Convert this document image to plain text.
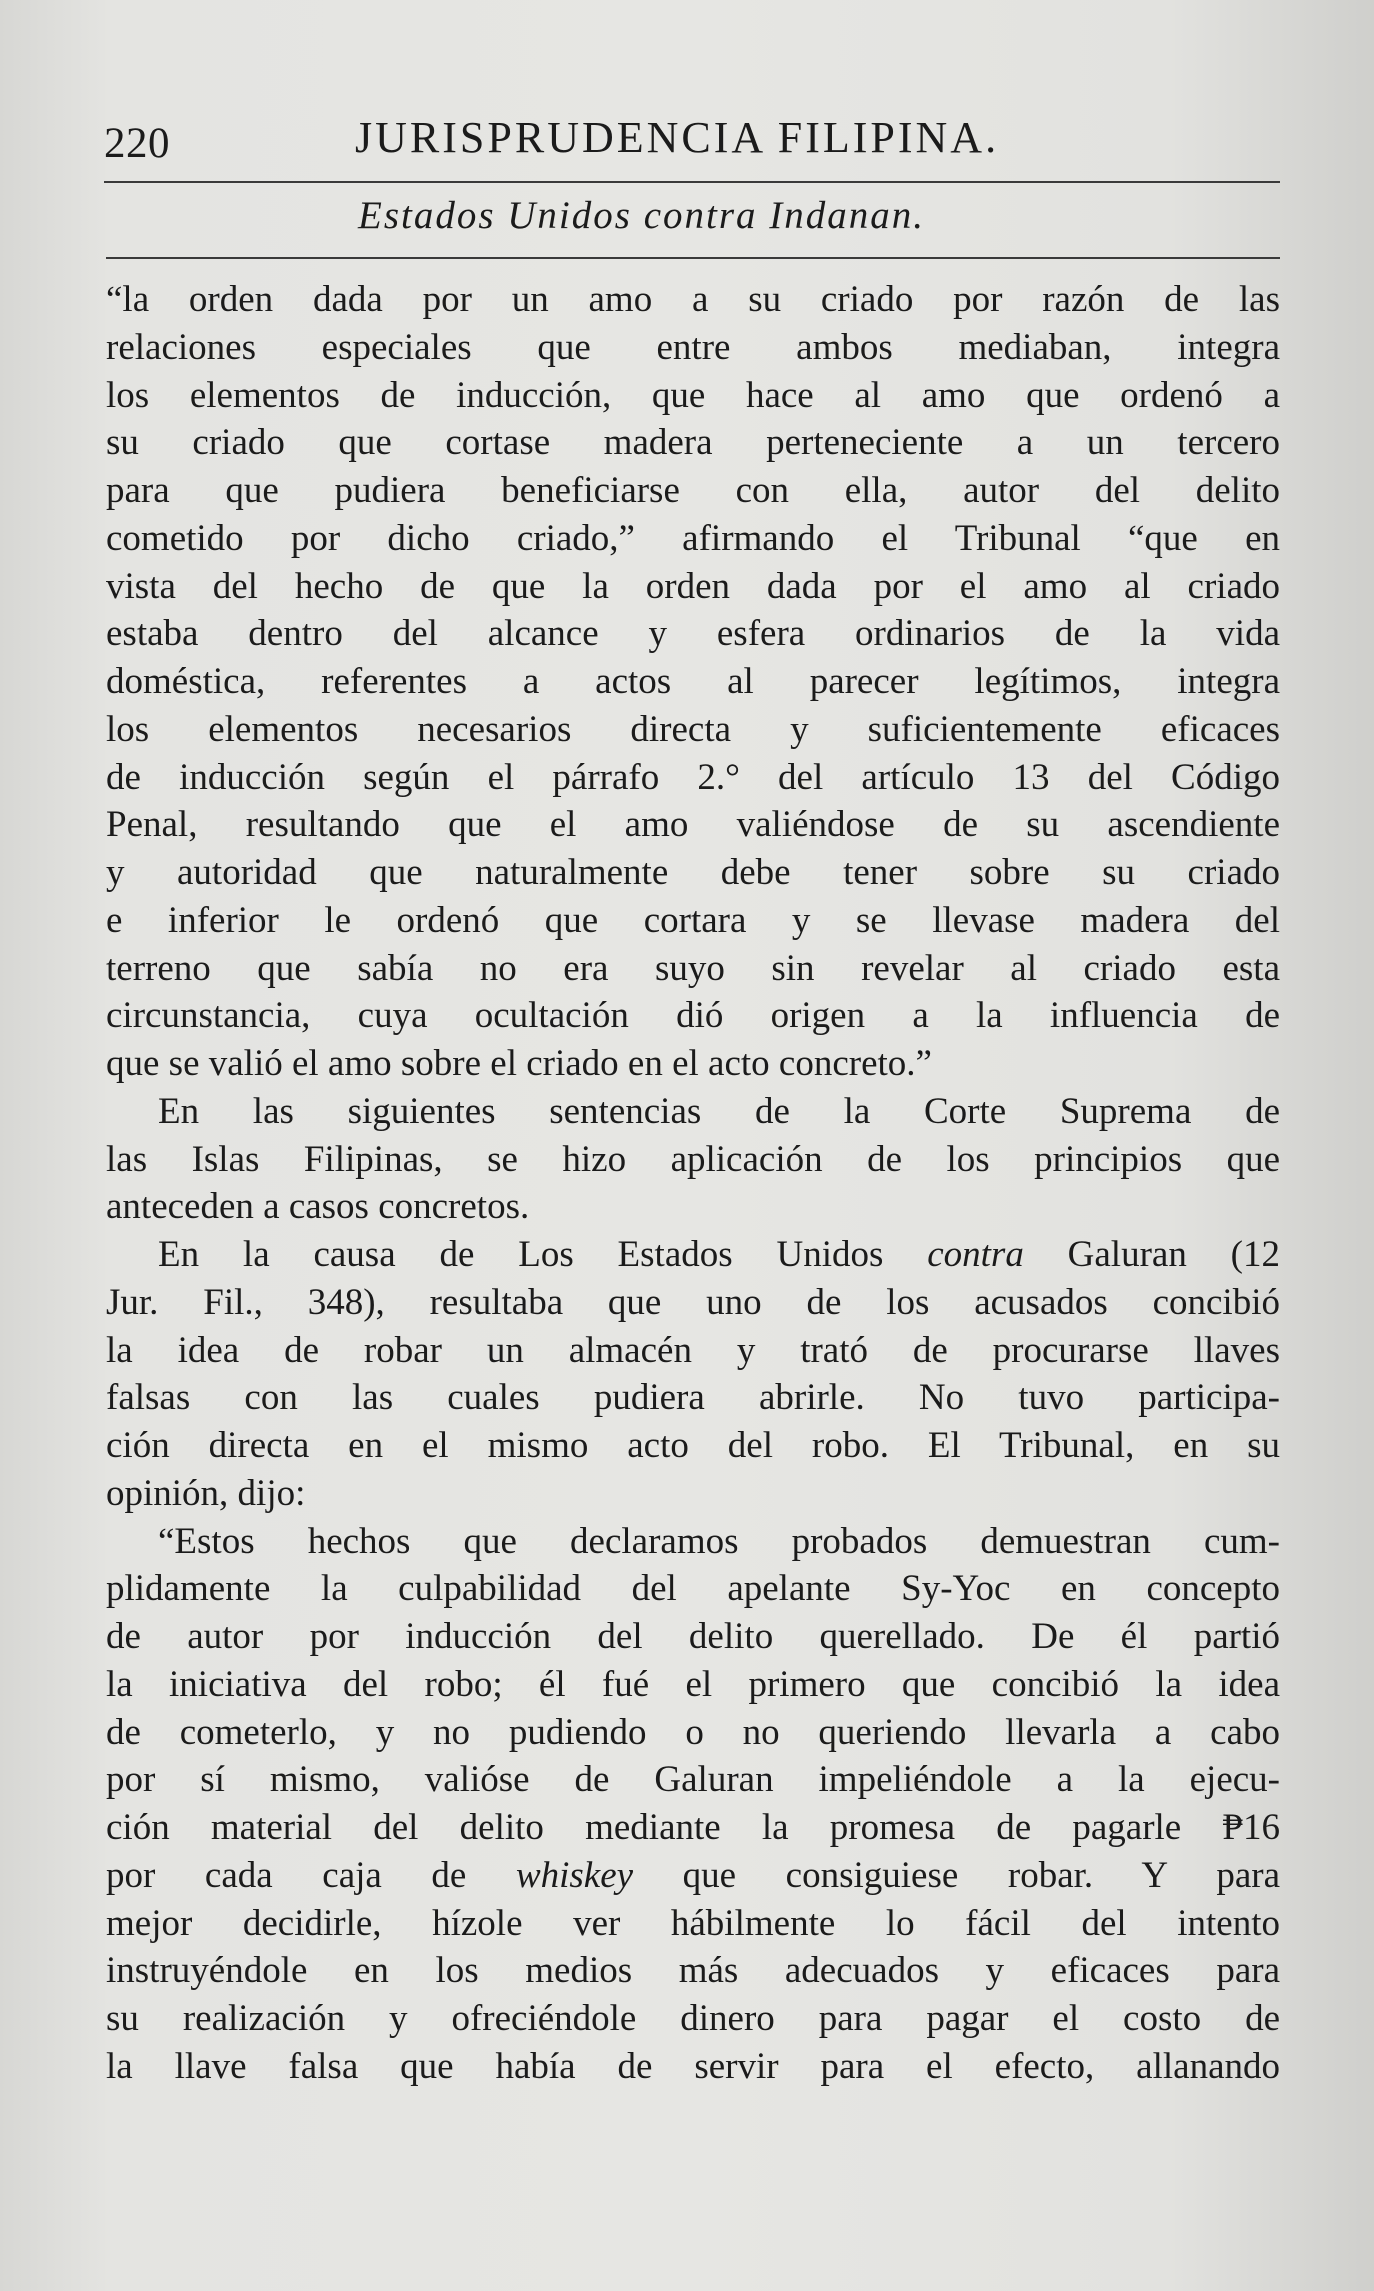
220	JURISPRUDENCIA FILIPINA.
Estados Unidos contra Indanan.
“la orden dada por un amo a su criado por razón de las
relaciones especiales que entre ambos mediaban, integra
los elementos de inducción, que hace al amo que ordenó a
su criado que cortase madera perteneciente a un tercero
para que pudiera beneficiarse con ella, autor del delito
cometido por dicho criado,” afirmando el Tribunal “que en
vista del hecho de que la orden dada por el amo al criado
estaba dentro del alcance y esfera ordinarios de la vida
doméstica, referentes a actos al parecer legítimos, integra
los elementos necesarios directa y suficientemente eficaces
de inducción según el párrafo 2.° del artículo 13 del Código
Penal, resultando que el amo valiéndose de su ascendiente
y autoridad que naturalmente debe tener sobre su criado
e inferior le ordenó que cortara y se llevase madera del
terreno que sabía no era suyo sin revelar al criado esta
circunstancia, cuya ocultación dió origen a la influencia de
que se valió el amo sobre el criado en el acto concreto.”
En las siguientes sentencias de la Corte Suprema de
las Islas Filipinas, se hizo aplicación de los principios que
anteceden a casos concretos.
En la causa de Los Estados Unidos contra Galuran (12
Jur. Fil., 348), resultaba que uno de los acusados concibió
la idea de robar un almacén y trató de procurarse llaves
falsas con las cuales pudiera abrirle. No tuvo participa-
ción directa en el mismo acto del robo. El Tribunal, en su
opinión, dijo:
“Estos hechos que declaramos probados demuestran cum-
plidamente la culpabilidad del apelante Sy-Yoc en concepto
de autor por inducción del delito querellado. De él partió
la iniciativa del robo; él fué el primero que concibió la idea
de cometerlo, y no pudiendo o no queriendo llevarla a cabo
por sí mismo, valióse de Galuran impeliéndole a la ejecu-
ción material del delito mediante la promesa de pagarle ₱16
por cada caja de whiskey que consiguiese robar. Y para
mejor decidirle, hízole ver hábilmente lo fácil del intento
instruyéndole en los medios más adecuados y eficaces para
su realización y ofreciéndole dinero para pagar el costo de
la llave falsa que había de servir para el efecto, allanando
